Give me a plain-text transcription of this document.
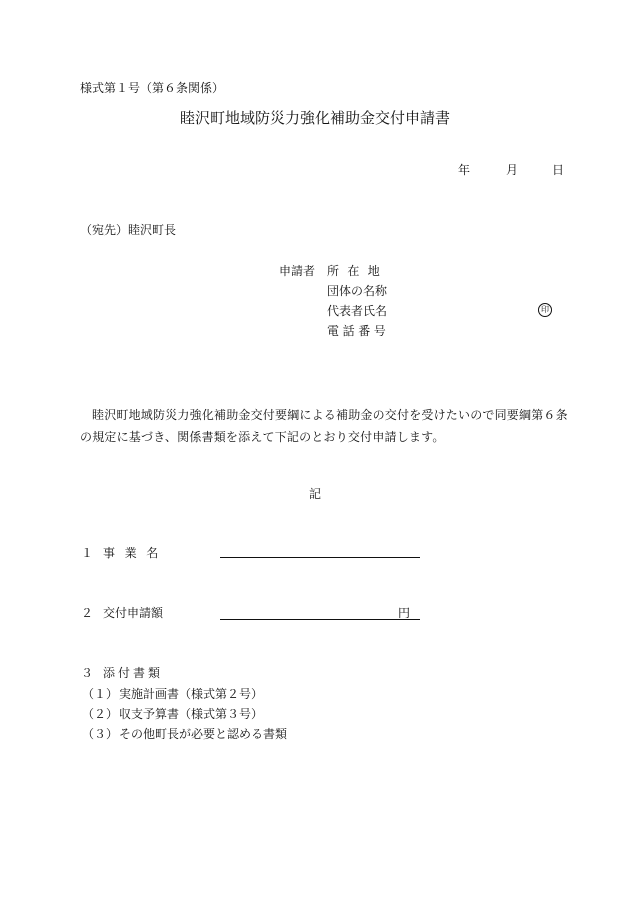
様式第１号（第６条関係）
睦沢町地域防災力強化補助金交付申請書
年	月	日
（宛先）睦沢町長
申請者 所在地
団体の名称
代表者氏名	印
電話番号
睦沢町地域防災力強化補助金交付要綱による補助金の交付を受けたいので同要綱第６条の規定に基づき、関係書類を添えて下記のとおり交付申請します。
記
１ 事業名
２ 交付申請額	円
３ 添付書類
（１） 実施計画書（様式第２号）
（２） 収支予算書（様式第３号）
（３） その他町長が必要と認める書類
